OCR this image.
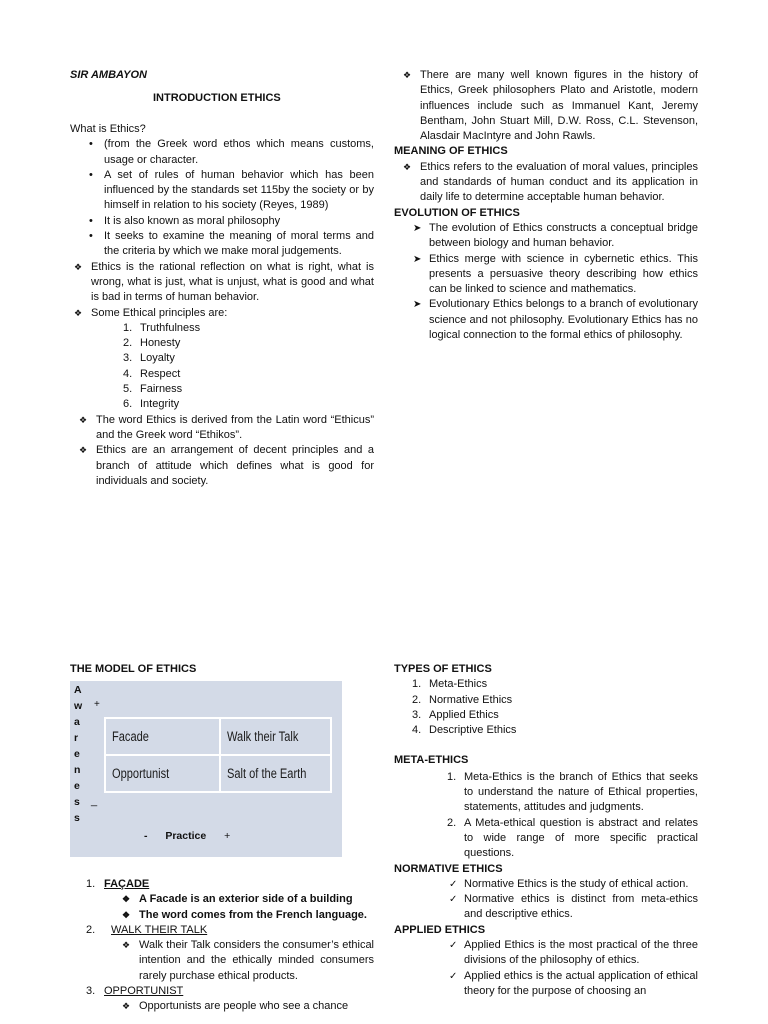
SIR AMBAYON
INTRODUCTION ETHICS
What is Ethics?
• (from the Greek word ethos which means customs, usage or character.
• A set of rules of human behavior which has been influenced by the standards set 115by the society or by himself in relation to his society (Reyes, 1989)
• It is also known as moral philosophy
• It seeks to examine the meaning of moral terms and the criteria by which we make moral judgements.
❖ Ethics is the rational reflection on what is right, what is wrong, what is just, what is unjust, what is good and what is bad in terms of human behavior.
❖ Some Ethical principles are:
1. Truthfulness
2. Honesty
3. Loyalty
4. Respect
5. Fairness
6. Integrity
❖ The word Ethics is derived from the Latin word “Ethicus” and the Greek word “Ethikos”.
❖ Ethics are an arrangement of decent principles and a branch of attitude which defines what is good for individuals and society.
❖ There are many well known figures in the history of Ethics, Greek philosophers Plato and Aristotle, modern influences include such as Immanuel Kant, Jeremy Bentham, John Stuart Mill, D.W. Ross, C.L. Stevenson, Alasdair MacIntyre and John Rawls.
MEANING OF ETHICS
❖ Ethics refers to the evaluation of moral values, principles and standards of human conduct and its application in daily life to determine acceptable human behavior.
EVOLUTION OF ETHICS
➤ The evolution of Ethics constructs a conceptual bridge between biology and human behavior.
➤ Ethics merge with science in cybernetic ethics. This presents a persuasive theory describing how ethics can be linked to science and mathematics.
➤ Evolutionary Ethics belongs to a branch of evolutionary science and not philosophy. Evolutionary Ethics has no logical connection to the formal ethics of philosophy.
THE MODEL OF ETHICS
A
w
a
r
e
n
e
s
s
+
_
Facade	Walk their Talk
Opportunist	Salt of the Earth
- Practice +
1. FAÇADE
❖ A Facade is an exterior side of a building
❖ The word comes from the French language.
2. WALK THEIR TALK
❖ Walk their Talk considers the consumer’s ethical intention and the ethically minded consumers rarely purchase ethical products.
3. OPPORTUNIST
❖ Opportunists are people who see a chance
TYPES OF ETHICS
1. Meta-Ethics
2. Normative Ethics
3. Applied Ethics
4. Descriptive Ethics
META-ETHICS
1. Meta-Ethics is the branch of Ethics that seeks to understand the nature of Ethical properties, statements, attitudes and judgments.
2. A Meta-ethical question is abstract and relates to wide range of more specific practical questions.
NORMATIVE ETHICS
✓ Normative Ethics is the study of ethical action.
✓ Normative ethics is distinct from meta-ethics and descriptive ethics.
APPLIED ETHICS
✓ Applied Ethics is the most practical of the three divisions of the philosophy of ethics.
✓ Applied ethics is the actual application of ethical theory for the purpose of choosing an
